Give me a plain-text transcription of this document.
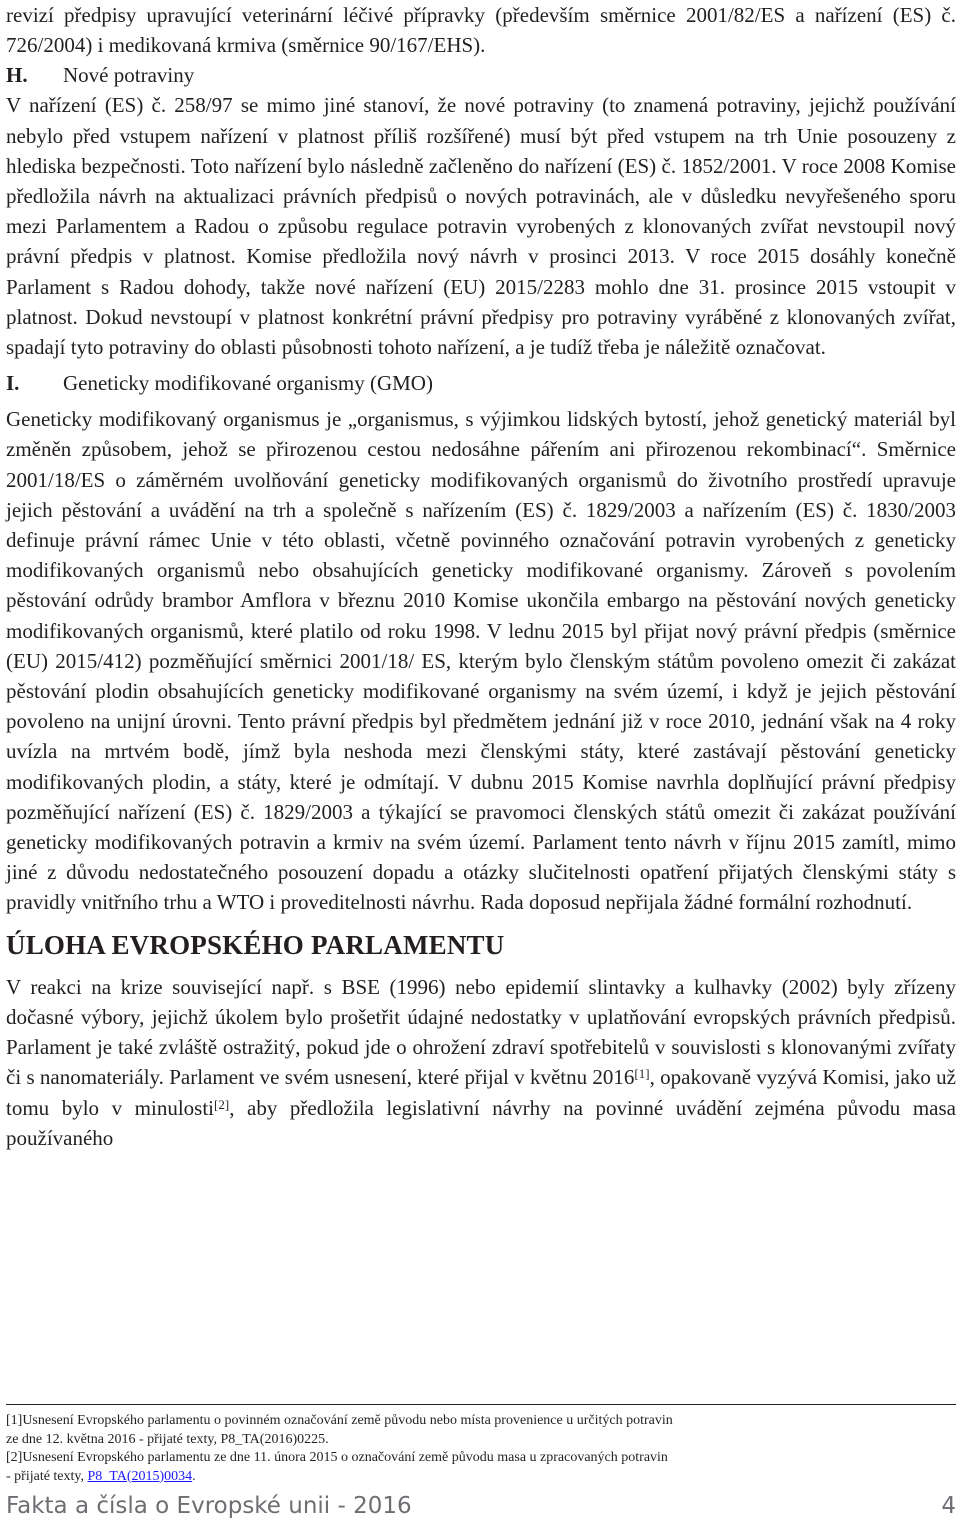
revizí předpisy upravující veterinární léčivé přípravky (především směrnice 2001/82/ES a nařízení (ES) č. 726/2004) i medikovaná krmiva (směrnice 90/167/EHS).

H. Nové potraviny

V nařízení (ES) č. 258/97 se mimo jiné stanoví, že nové potraviny (to znamená potraviny, jejichž používání nebylo před vstupem nařízení v platnost příliš rozšířené) musí být před vstupem na trh Unie posouzeny z hlediska bezpečnosti. Toto nařízení bylo následně začleněno do nařízení (ES) č. 1852/2001. V roce 2008 Komise předložila návrh na aktualizaci právních předpisů o nových potravinách, ale v důsledku nevyřešeného sporu mezi Parlamentem a Radou o způsobu regulace potravin vyrobených z klonovaných zvířat nevstoupil nový právní předpis v platnost. Komise předložila nový návrh v prosinci 2013. V roce 2015 dosáhly konečně Parlament s Radou dohody, takže nové nařízení (EU) 2015/2283 mohlo dne 31. prosince 2015 vstoupit v platnost. Dokud nevstoupí v platnost konkrétní právní předpisy pro potraviny vyráběné z klonovaných zvířat, spadají tyto potraviny do oblasti působnosti tohoto nařízení, a je tudíž třeba je náležitě označovat.

I. Geneticky modifikované organismy (GMO)

Geneticky modifikovaný organismus je „organismus, s výjimkou lidských bytostí, jehož genetický materiál byl změněn způsobem, jehož se přirozenou cestou nedosáhne pářením ani přirozenou rekombinací“. Směrnice 2001/18/ES o záměrném uvolňování geneticky modifikovaných organismů do životního prostředí upravuje jejich pěstování a uvádění na trh a společně s nařízením (ES) č. 1829/2003 a nařízením (ES) č. 1830/2003 definuje právní rámec Unie v této oblasti, včetně povinného označování potravin vyrobených z geneticky modifikovaných organismů nebo obsahujících geneticky modifikované organismy. Zároveň s povolením pěstování odrůdy brambor Amflora v březnu 2010 Komise ukončila embargo na pěstování nových geneticky modifikovaných organismů, které platilo od roku 1998. V lednu 2015 byl přijat nový právní předpis (směrnice (EU) 2015/412) pozměňující směrnici 2001/18/ ES, kterým bylo členským státům povoleno omezit či zakázat pěstování plodin obsahujících geneticky modifikované organismy na svém území, i když je jejich pěstování povoleno na unijní úrovni. Tento právní předpis byl předmětem jednání již v roce 2010, jednání však na 4 roky uvízla na mrtvém bodě, jímž byla neshoda mezi členskými státy, které zastávají pěstování geneticky modifikovaných plodin, a státy, které je odmítají. V dubnu 2015 Komise navrhla doplňující právní předpisy pozměňující nařízení (ES) č. 1829/2003 a týkající se pravomoci členských států omezit či zakázat používání geneticky modifikovaných potravin a krmiv na svém území. Parlament tento návrh v říjnu 2015 zamítl, mimo jiné z důvodu nedostatečného posouzení dopadu a otázky slučitelnosti opatření přijatých členskými státy s pravidly vnitřního trhu a WTO i proveditelnosti návrhu. Rada doposud nepřijala žádné formální rozhodnutí.

ÚLOHA EVROPSKÉHO PARLAMENTU

V reakci na krize související např. s BSE (1996) nebo epidemií slintavky a kulhavky (2002) byly zřízeny dočasné výbory, jejichž úkolem bylo prošetřit údajné nedostatky v uplatňování evropských právních předpisů. Parlament je také zvláště ostražitý, pokud jde o ohrožení zdraví spotřebitelů v souvislosti s klonovanými zvířaty či s nanomateriály. Parlament ve svém usnesení, které přijal v květnu 2016[1], opakovaně vyzývá Komisi, jako už tomu bylo v minulosti[2], aby předložila legislativní návrhy na povinné uvádění zejména původu masa používaného

[1]Usnesení Evropského parlamentu o povinném označování země původu nebo místa provenience u určitých potravin
ze dne 12. května 2016 - přijaté texty, P8_TA(2016)0225.
[2]Usnesení Evropského parlamentu ze dne 11. února 2015 o označování země původu masa u zpracovaných potravin
- přijaté texty, P8_TA(2015)0034.
Fakta a čísla o Evropské unii - 2016	4
